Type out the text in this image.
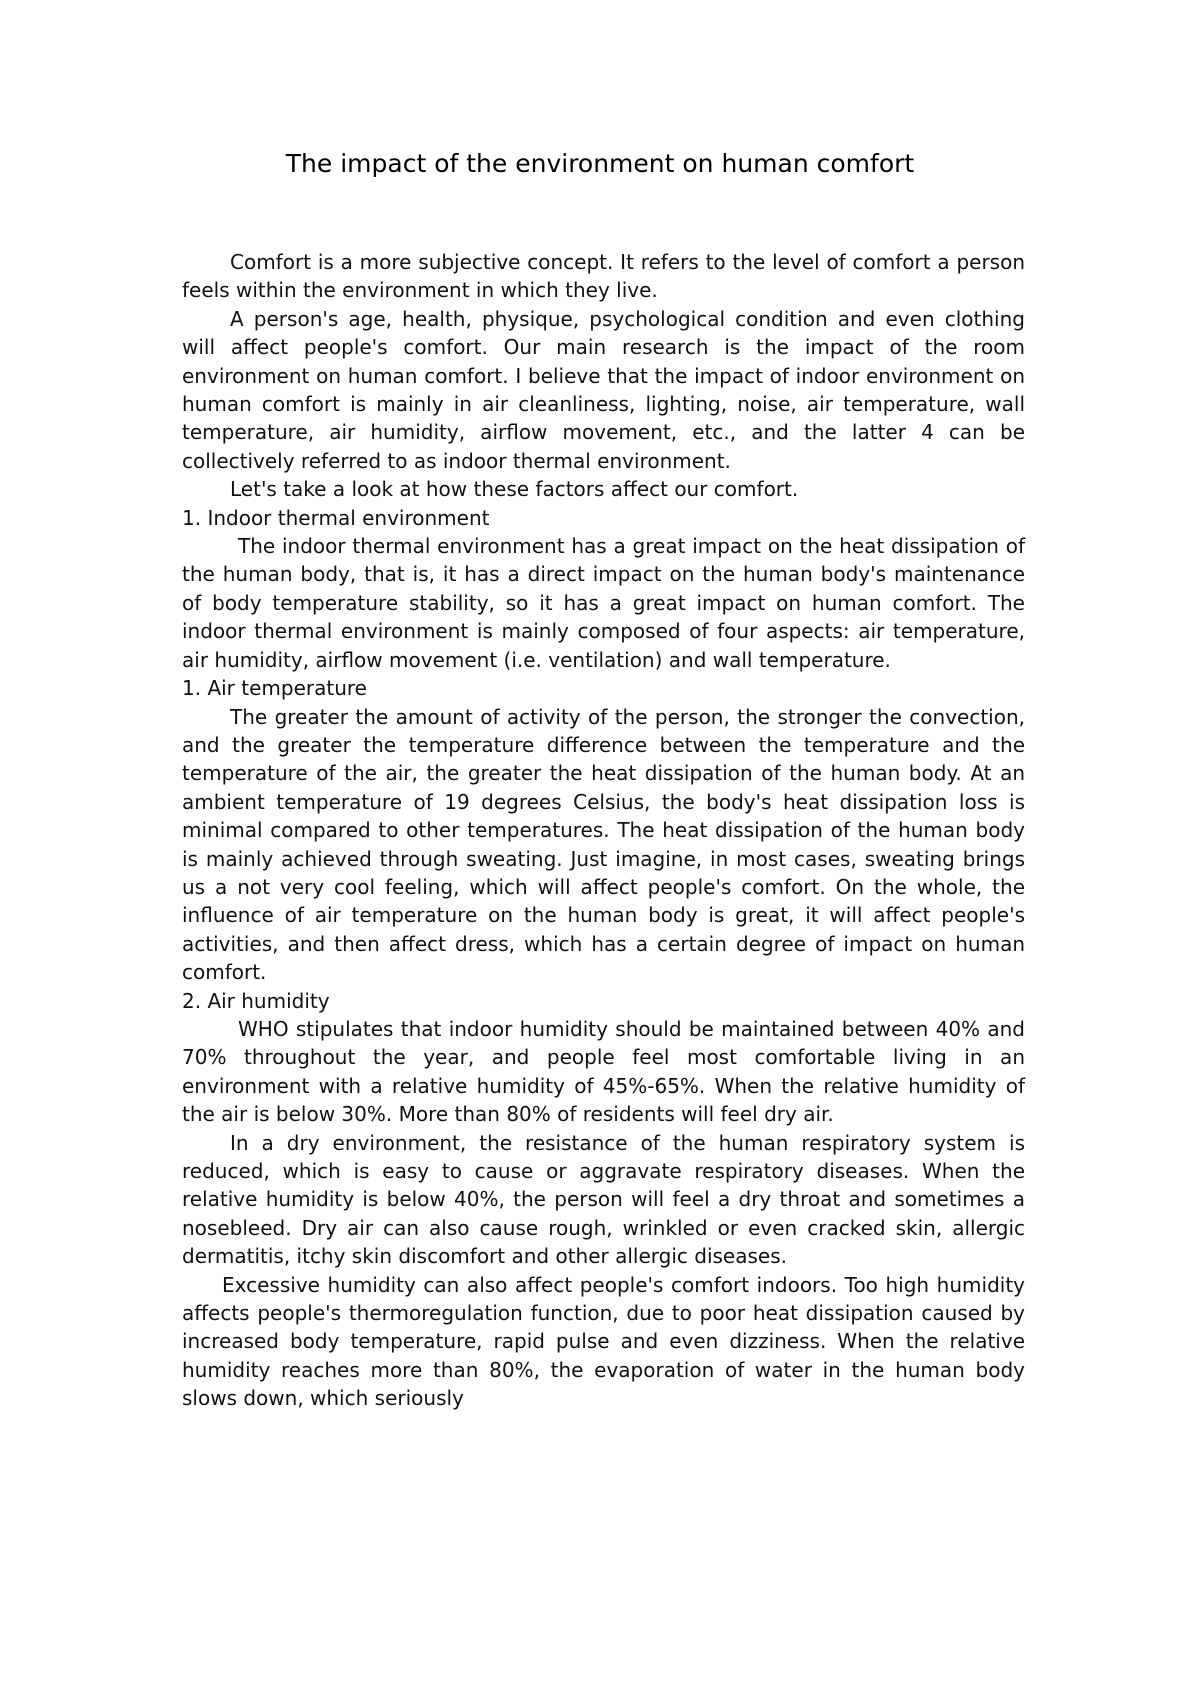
The impact of the environment on human comfort

Comfort is a more subjective concept. It refers to the level of comfort a person feels within the environment in which they live.

A person's age, health, physique, psychological condition and even clothing will affect people's comfort. Our main research is the impact of the room environment on human comfort. I believe that the impact of indoor environment on human comfort is mainly in air cleanliness, lighting, noise, air temperature, wall temperature, air humidity, airflow movement, etc., and the latter 4 can be collectively referred to as indoor thermal environment.

Let's take a look at how these factors affect our comfort.

1. Indoor thermal environment

The indoor thermal environment has a great impact on the heat dissipation of the human body, that is, it has a direct impact on the human body's maintenance of body temperature stability, so it has a great impact on human comfort. The indoor thermal environment is mainly composed of four aspects: air temperature, air humidity, airflow movement (i.e. ventilation) and wall temperature.

1. Air temperature

The greater the amount of activity of the person, the stronger the convection, and the greater the temperature difference between the temperature and the temperature of the air, the greater the heat dissipation of the human body. At an ambient temperature of 19 degrees Celsius, the body's heat dissipation loss is minimal compared to other temperatures. The heat dissipation of the human body is mainly achieved through sweating. Just imagine, in most cases, sweating brings us a not very cool feeling, which will affect people's comfort. On the whole, the influence of air temperature on the human body is great, it will affect people's activities, and then affect dress, which has a certain degree of impact on human comfort.

2. Air humidity

WHO stipulates that indoor humidity should be maintained between 40% and 70% throughout the year, and people feel most comfortable living in an environment with a relative humidity of 45%-65%. When the relative humidity of the air is below 30%. More than 80% of residents will feel dry air.

In a dry environment, the resistance of the human respiratory system is reduced, which is easy to cause or aggravate respiratory diseases. When the relative humidity is below 40%, the person will feel a dry throat and sometimes a nosebleed. Dry air can also cause rough, wrinkled or even cracked skin, allergic dermatitis, itchy skin discomfort and other allergic diseases.

Excessive humidity can also affect people's comfort indoors. Too high humidity affects people's thermoregulation function, due to poor heat dissipation caused by increased body temperature, rapid pulse and even dizziness. When the relative humidity reaches more than 80%, the evaporation of water in the human body slows down, which seriously
